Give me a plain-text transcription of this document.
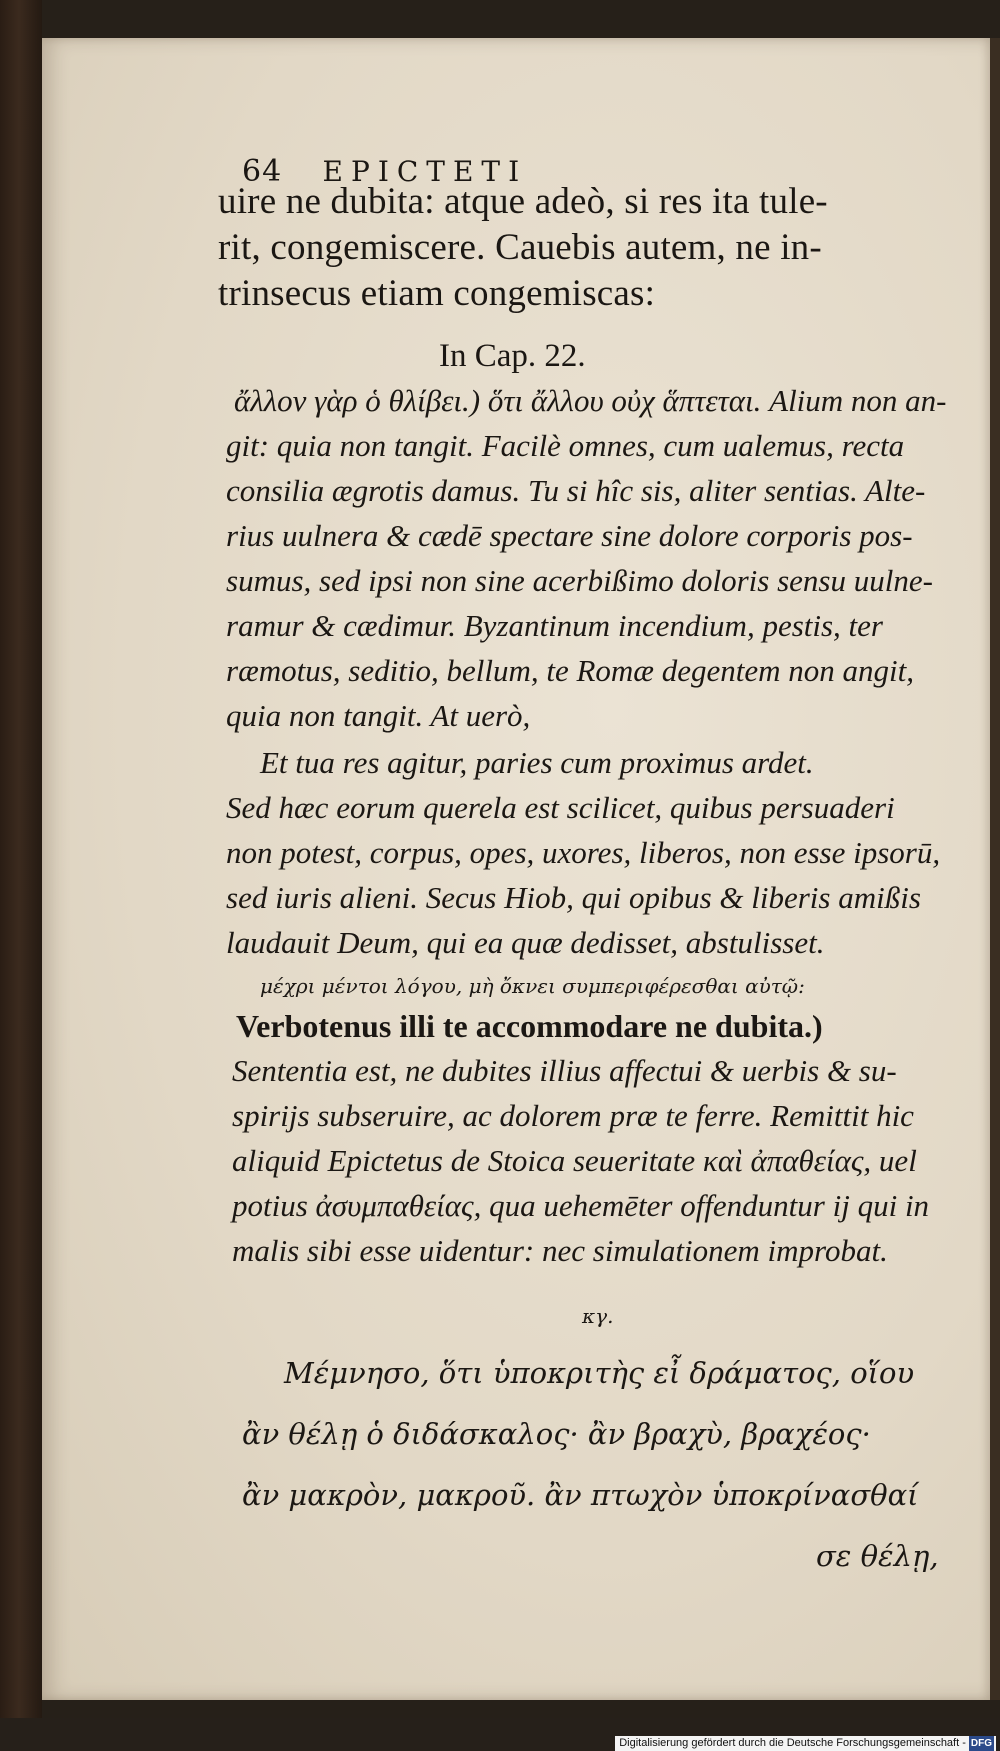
64 EPICTETI
uire ne dubita: atque adeò, si res ita tule-
rit, congemiscere. Cauebis autem, ne in-
trinsecus etiam congemiscas:
In Cap. 22.
ἄλλον γὰρ ὁ θλίβει.) ὅτι ἄλλου οὐχ ἅπτεται. Alium non an-
git: quia non tangit. Facilè omnes, cum ualemus, recta
consilia ægrotis damus. Tu si hîc sis, aliter sentias. Alte-
rius uulnera & cædē spectare sine dolore corporis pos-
sumus, sed ipsi non sine acerbißimo doloris sensu uulne-
ramur & cædimur. Byzantinum incendium, pestis, ter
ræmotus, seditio, bellum, te Romæ degentem non angit,
quia non tangit. At uerò,
Et tua res agitur, paries cum proximus ardet.
Sed hæc eorum querela est scilicet, quibus persuaderi
non potest, corpus, opes, uxores, liberos, non esse ipsorū,
sed iuris alieni. Secus Hiob, qui opibus & liberis amißis
laudauit Deum, qui ea quæ dedisset, abstulisset.
μέχρι μέντοι λόγου, μὴ ὄκνει συμπεριφέρεσθαι αὐτῷ:
Verbotenus illi te accommodare ne dubita.)
Sententia est, ne dubites illius affectui & uerbis & su-
spirijs subseruire, ac dolorem præ te ferre. Remittit hic
aliquid Epictetus de Stoica seueritate καὶ ἀπαθείας, uel
potius ἀσυμπαθείας, qua uehemēter offenduntur ij qui in
malis sibi esse uidentur: nec simulationem improbat.
κγ.
Μέμνησο, ὅτι ὑποκριτὴς εἶ δράματος, οἵου
ἂν θέλῃ ὁ διδάσκαλος· ἂν βραχὺ, βραχέος·
ἂν μακρὸν, μακροῦ. ἂν πτωχὸν ὑποκρίνασθαί
σε θέλῃ,
Digitalisierung gefördert durch die Deutsche Forschungsgemeinschaft - DFG
